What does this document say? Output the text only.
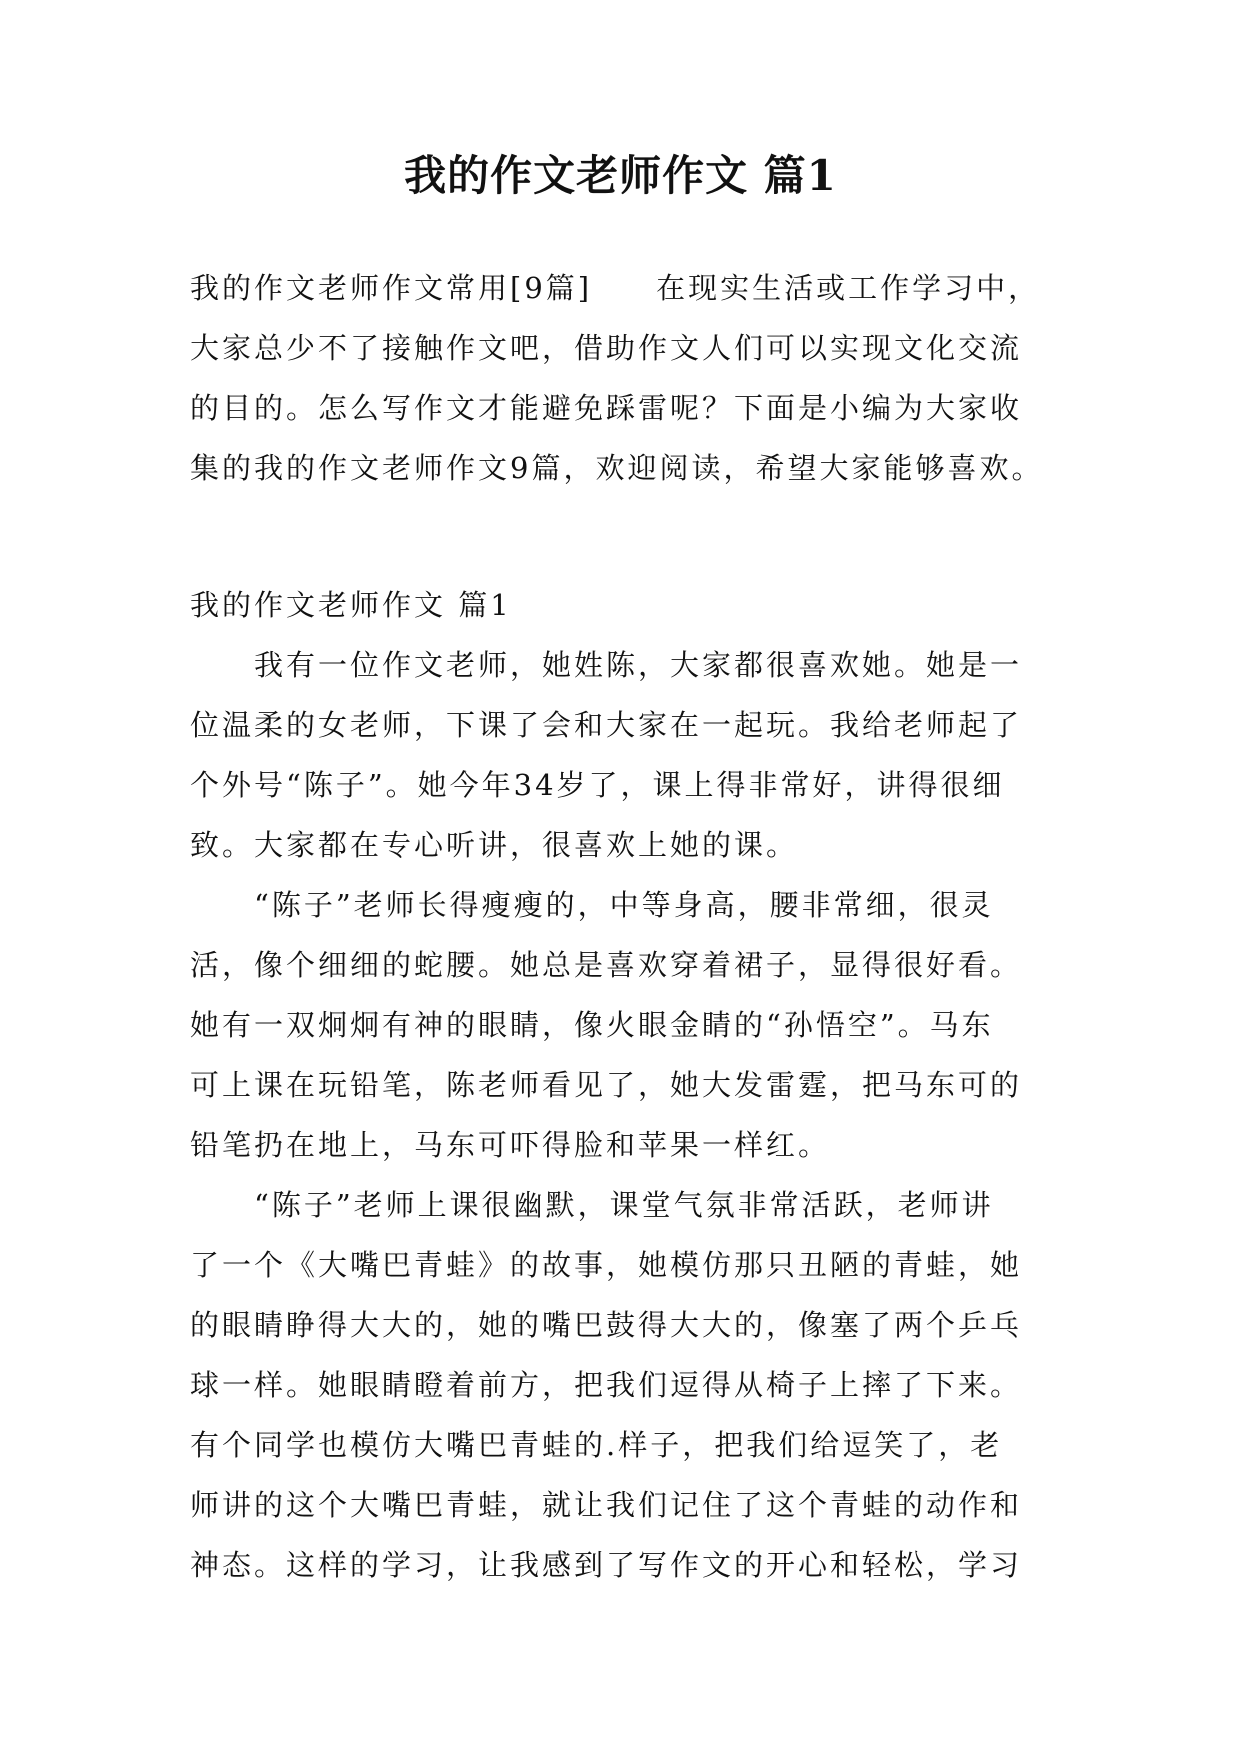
我的作文老师作文 篇1
我的作文老师作文常用[9篇]　　在现实生活或工作学习中，
大家总少不了接触作文吧，借助作文人们可以实现文化交流
的目的。怎么写作文才能避免踩雷呢？下面是小编为大家收
集的我的作文老师作文9篇，欢迎阅读，希望大家能够喜欢。
我的作文老师作文 篇1
我有一位作文老师，她姓陈，大家都很喜欢她。她是一
位温柔的女老师，下课了会和大家在一起玩。我给老师起了
个外号“陈子”。她今年34岁了，课上得非常好，讲得很细
致。大家都在专心听讲，很喜欢上她的课。
“陈子”老师长得瘦瘦的，中等身高，腰非常细，很灵
活，像个细细的蛇腰。她总是喜欢穿着裙子，显得很好看。
她有一双炯炯有神的眼睛，像火眼金睛的“孙悟空”。马东
可上课在玩铅笔，陈老师看见了，她大发雷霆，把马东可的
铅笔扔在地上，马东可吓得脸和苹果一样红。
“陈子”老师上课很幽默，课堂气氛非常活跃，老师讲
了一个《大嘴巴青蛙》的故事，她模仿那只丑陋的青蛙，她
的眼睛睁得大大的，她的嘴巴鼓得大大的，像塞了两个乒乓
球一样。她眼睛瞪着前方，把我们逗得从椅子上摔了下来。
有个同学也模仿大嘴巴青蛙的.样子，把我们给逗笑了，老
师讲的这个大嘴巴青蛙，就让我们记住了这个青蛙的动作和
神态。这样的学习，让我感到了写作文的开心和轻松，学习
